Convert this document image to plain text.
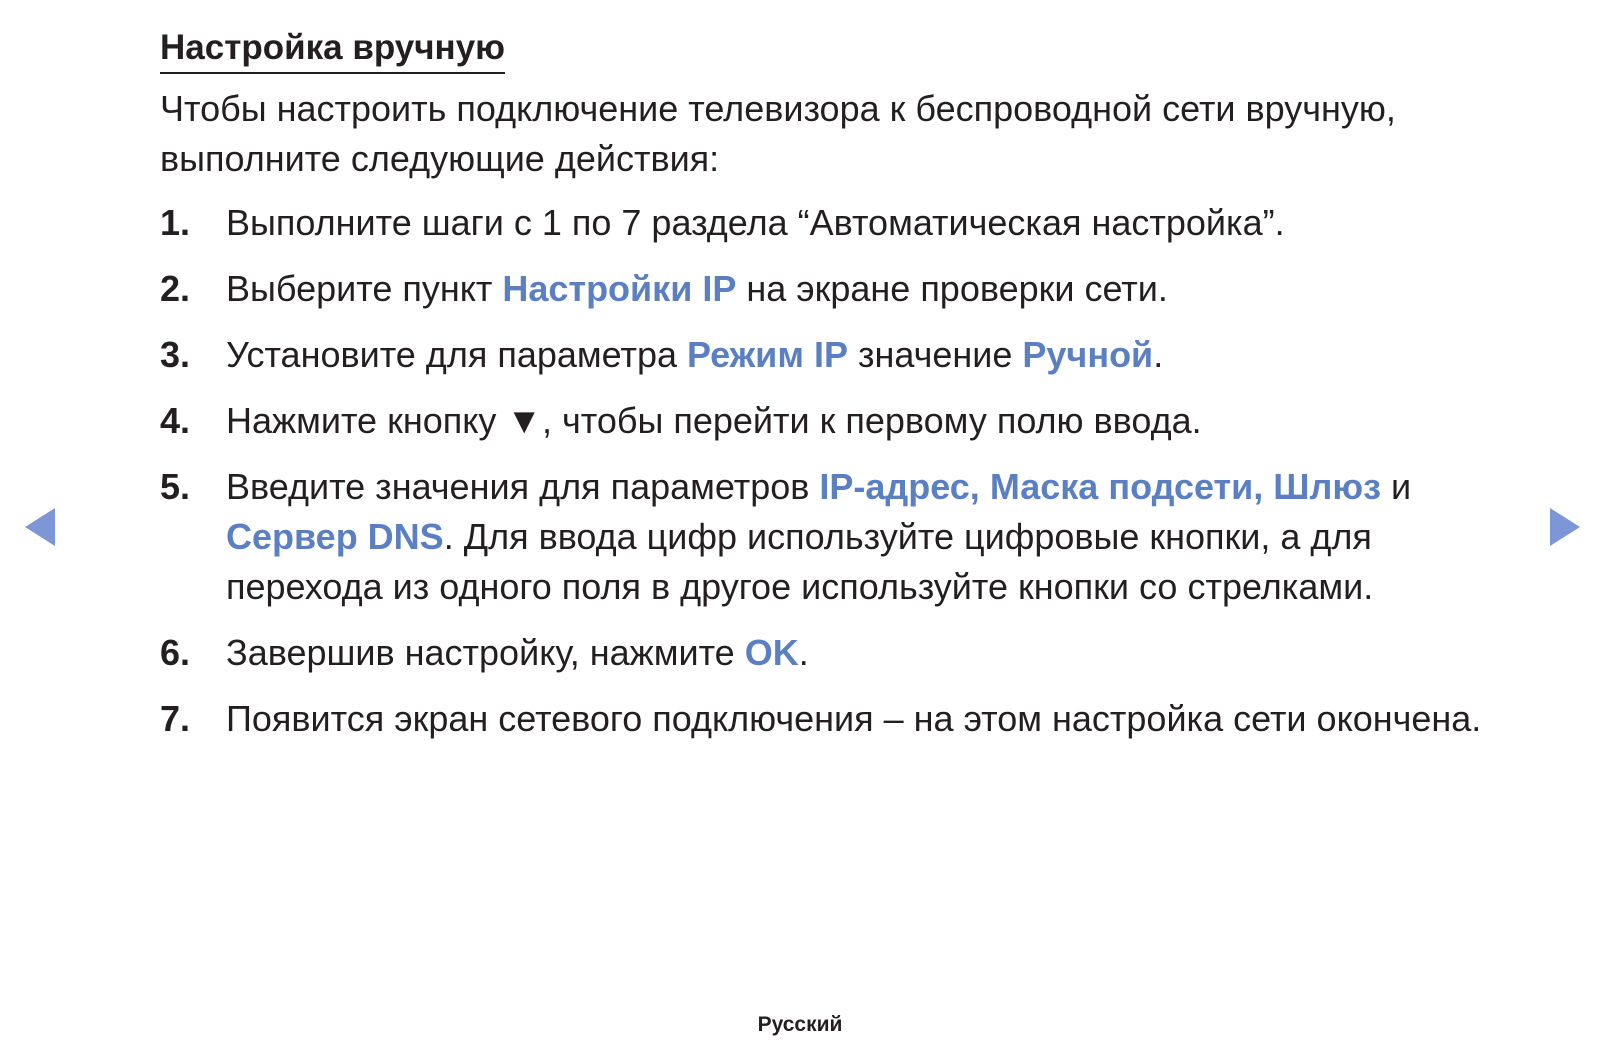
Настройка вручную

Чтобы настроить подключение телевизора к беспроводной сети вручную, выполните следующие действия:

1. Выполните шаги с 1 по 7 раздела “Автоматическая настройка”.
2. Выберите пункт Настройки IP на экране проверки сети.
3. Установите для параметра Режим IP значение Ручной.
4. Нажмите кнопку ▼, чтобы перейти к первому полю ввода.
5. Введите значения для параметров IP-адрес, Маска подсети, Шлюз и Сервер DNS. Для ввода цифр используйте цифровые кнопки, а для перехода из одного поля в другое используйте кнопки со стрелками.
6. Завершив настройку, нажмите OK.
7. Появится экран сетевого подключения – на этом настройка сети окончена.
Русский
